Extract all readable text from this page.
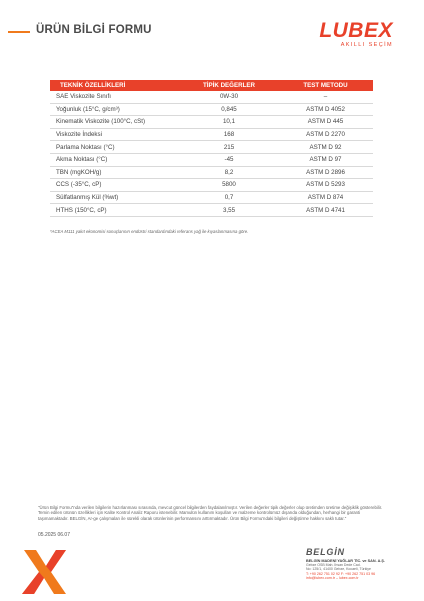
ÜRÜN BİLGİ FORMU	LUBEX
AKILLI SEÇİM
TEKNİK ÖZELLİKLERİ	TİPİK DEĞERLER	TEST METODU
SAE Viskozite Sınıfı	0W-30	–
Yoğunluk (15°C, g/cm³)	0,845	ASTM D 4052
Kinematik Viskozite (100°C, cSt)	10,1	ASTM D 445
Viskozite İndeksi	168	ASTM D 2270
Parlama Noktası (°C)	215	ASTM D 92
Akma Noktası (°C)	-45	ASTM D 97
TBN (mgKOH/g)	8,2	ASTM D 2896
CCS (-35°C, cP)	5800	ASTM D 5293
Sülfatlanmış Kül (%wt)	0,7	ASTM D 874
HTHS (150°C, cP)	3,55	ASTM D 4741
*ACEA M111 yakıt ekonomisi sonuçlarının endüstri standardındaki referans yağ ile kıyaslanmasına göre.
"Ürün Bilgi Formu"nda verilen bilgilerin hazırlanması sırasında, mevcut güncel bilgilerden faydalanılmıştır. Verilen değerler tipik değerler olup üretimden üretime değişiklik gösterebilir. Temin edilen ürünün özellikleri için Kalite Kontrol Analiz Raporu istenebilir. Mamulün kullanım koşulları ve malzeme kontrolümüz dışarıda olduğundan, herhangi bir garanti taşımamaktadır. BELGİN, Ar-ge çalışmaları ile sürekli olarak ürünlerinin performansını arttırmaktadır. Ürün Bilgi Formu'ndaki bilgileri değiştirme hakkını saklı tutar."
05.2025 06.07
BELGİN
BELGİN MADENİ YAĞLAR TİC. ve SAN. A.Ş.
Gebze OSB Mah. İhsan Dede Cad.
No: 125/1, 41400 Gebze, Kocaeli, Türkiye
T: +90 262 751 02 92 F: +90 262 751 03 96
info@lubex.com.tr – lubex.com.tr
